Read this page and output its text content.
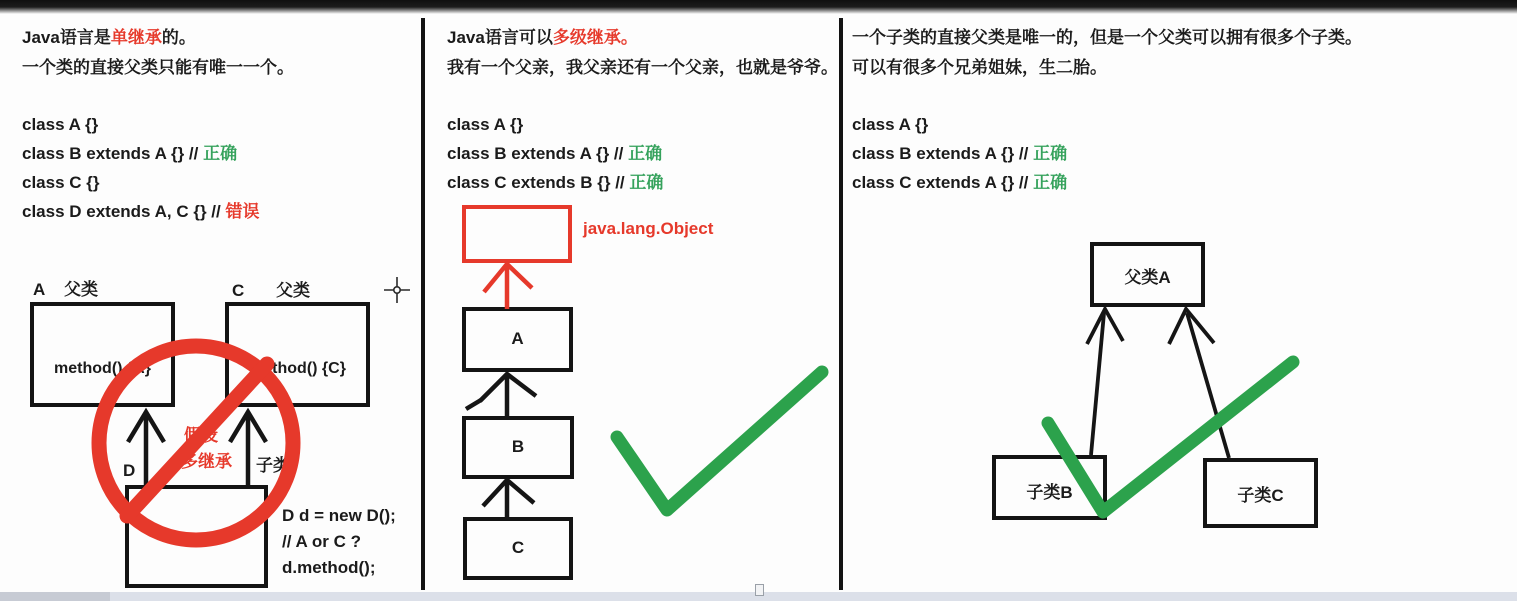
Java语言是单继承的。
一个类的直接父类只能有唯一一个。
class A {}
class B extends A {} // 正确
class C {}
class D extends A, C {} // 错误
A 父类
method() {A}
C 父类
method() {C}
假设
多继承
D	子类
D d = new D();
// A or C ?
d.method();
Java语言可以多级继承。
我有一个父亲，我父亲还有一个父亲，也就是爷爷。
class A {}
class B extends A {} // 正确
class C extends B {} // 正确
java.lang.Object
A
B
C
一个子类的直接父类是唯一的，但是一个父类可以拥有很多个子类。
可以有很多个兄弟姐妹，生二胎。
class A {}
class B extends A {} // 正确
class C extends A {} // 正确
父类A
子类B	子类C
